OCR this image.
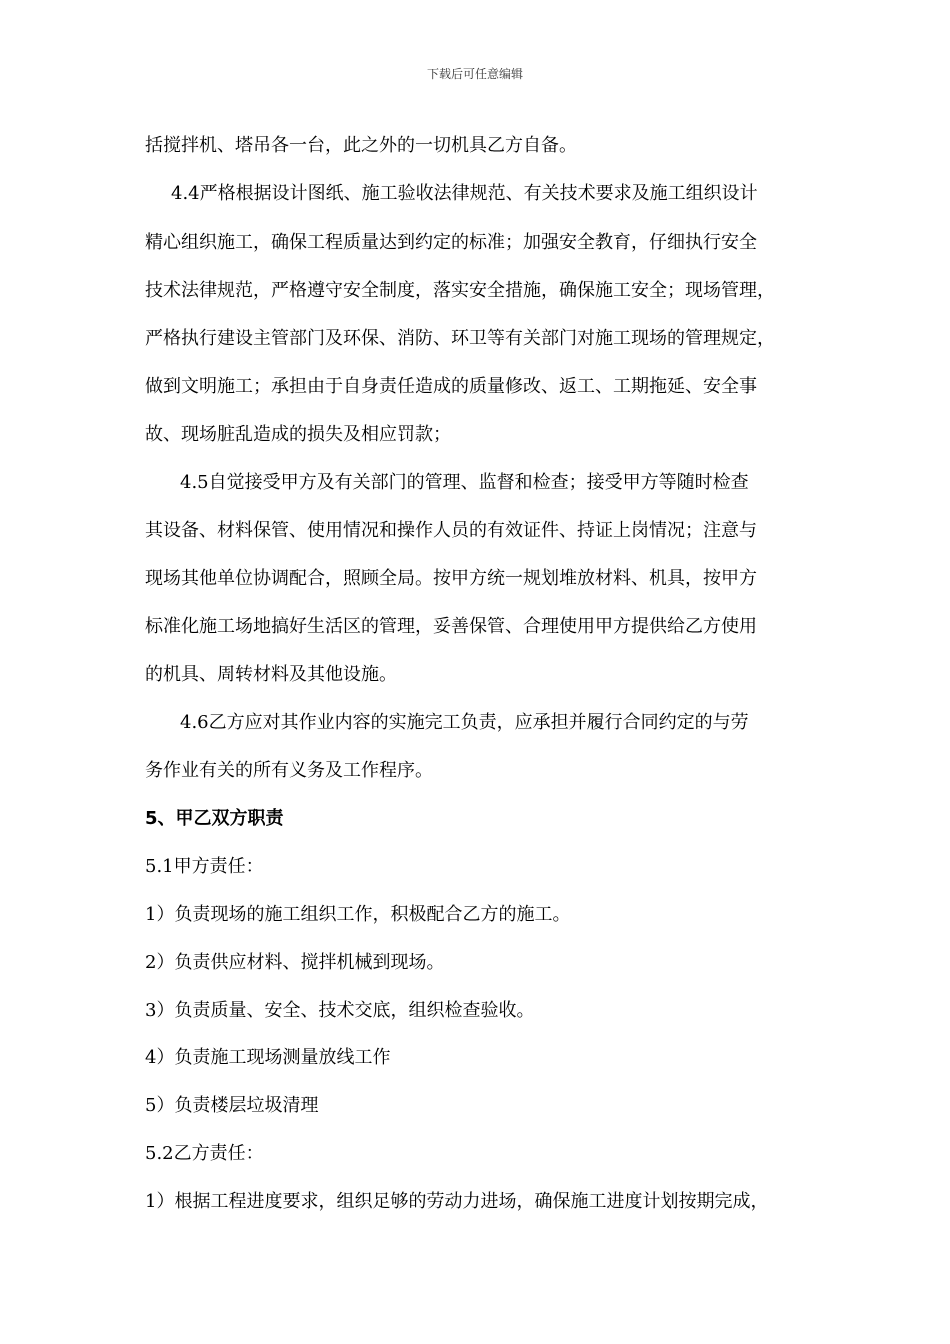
下载后可任意编辑
括搅拌机、塔吊各一台，此之外的一切机具乙方自备。
4.4严格根据设计图纸、施工验收法律规范、有关技术要求及施工组织设计
精心组织施工，确保工程质量达到约定的标准；加强安全教育，仔细执行安全
技术法律规范，严格遵守安全制度，落实安全措施，确保施工安全；现场管理，
严格执行建设主管部门及环保、消防、环卫等有关部门对施工现场的管理规定，
做到文明施工；承担由于自身责任造成的质量修改、返工、工期拖延、安全事
故、现场脏乱造成的损失及相应罚款；
4.5自觉接受甲方及有关部门的管理、监督和检查；接受甲方等随时检查
其设备、材料保管、使用情况和操作人员的有效证件、持证上岗情况；注意与
现场其他单位协调配合，照顾全局。按甲方统一规划堆放材料、机具，按甲方
标准化施工场地搞好生活区的管理，妥善保管、合理使用甲方提供给乙方使用
的机具、周转材料及其他设施。
4.6乙方应对其作业内容的实施完工负责，应承担并履行合同约定的与劳
务作业有关的所有义务及工作程序。
5、甲乙双方职责
5.1甲方责任：
1）负责现场的施工组织工作，积极配合乙方的施工。
2）负责供应材料、搅拌机械到现场。
3）负责质量、安全、技术交底，组织检查验收。
4）负责施工现场测量放线工作
5）负责楼层垃圾清理
5.2乙方责任：
1）根据工程进度要求，组织足够的劳动力进场，确保施工进度计划按期完成，
